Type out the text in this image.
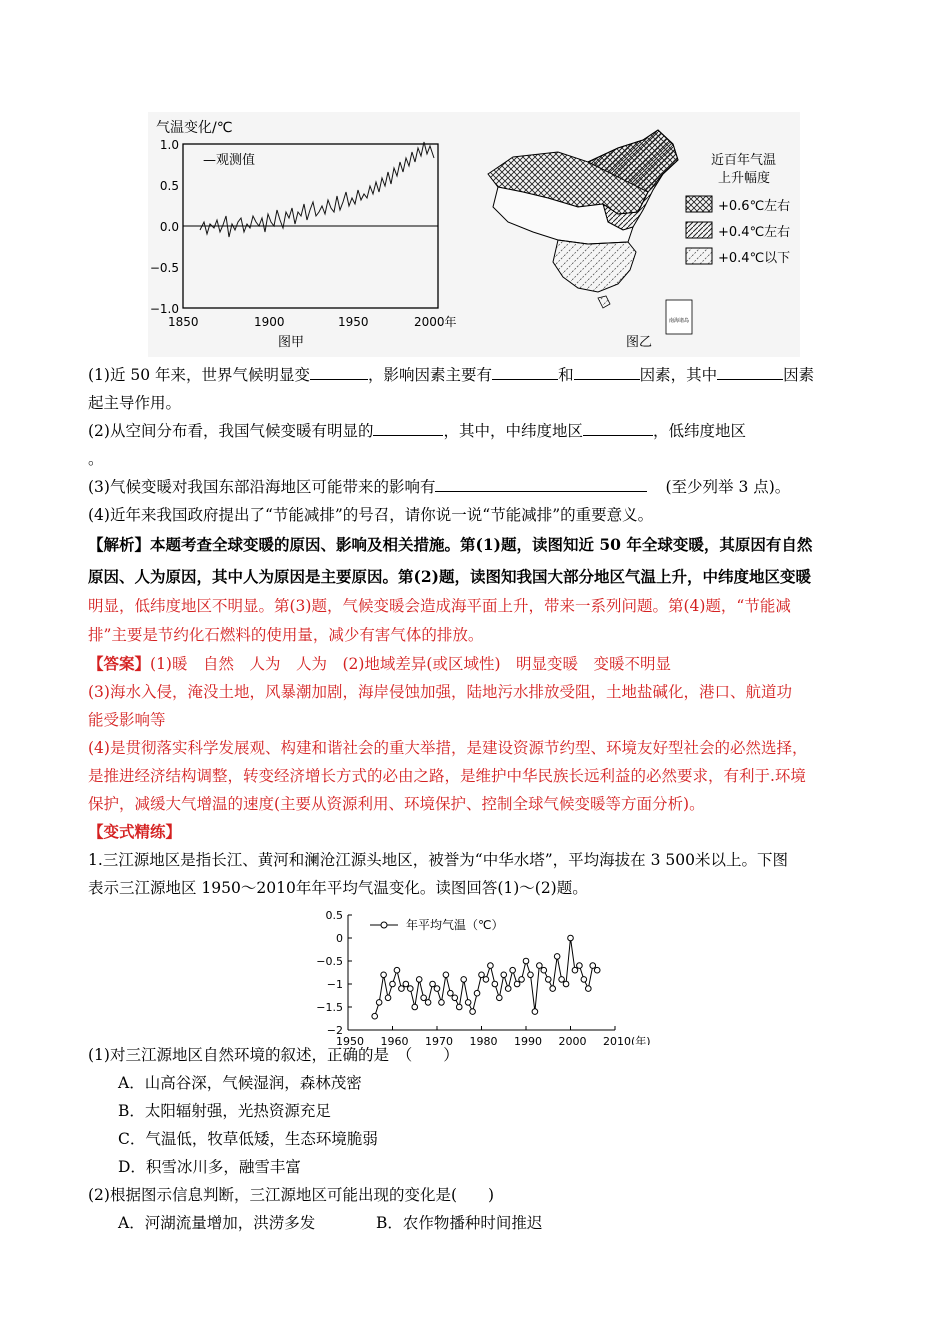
气温变化/℃
—观测值
1.0
0.5
0.0
−0.5
−1.0
1850	1900	1950	2000年
图甲
南海诸岛
近百年气温
上升幅度
+0.6℃左右
+0.4℃左右
+0.4℃以下
图乙
(1)近 50 年来，世界气候明显变	，影响因素主要有	和	因素，其中	因素
起主导作用。
(2)从空间分布看，我国气候变暖有明显的	，其中，中纬度地区	，低纬度地区
。
(3)气候变暖对我国东部沿海地区可能带来的影响有	(至少列举 3 点)。
(4)近年来我国政府提出了“节能减排”的号召，请你说一说“节能减排”的重要意义。
【解析】本题考查全球变暖的原因、影响及相关措施。第(1)题，读图知近 50 年全球变暖，其原因有自然
原因、人为原因，其中人为原因是主要原因。第(2)题，读图知我国大部分地区气温上升，中纬度地区变暖
明显，低纬度地区不明显。第(3)题，气候变暖会造成海平面上升，带来一系列问题。第(4)题，“节能减
排”主要是节约化石燃料的使用量，减少有害气体的排放。
【答案】(1)暖　自然　人为　人为　(2)地域差异(或区域性)　明显变暖　变暖不明显
(3)海水入侵，淹没土地，风暴潮加剧，海岸侵蚀加强，陆地污水排放受阻，土地盐碱化，港口、航道功
能受影响等
(4)是贯彻落实科学发展观、构建和谐社会的重大举措，是建设资源节约型、环境友好型社会的必然选择，
是推进经济结构调整，转变经济增长方式的必由之路，是维护中华民族长远利益的必然要求，有利于.环境
保护，减缓大气增温的速度(主要从资源利用、环境保护、控制全球气候变暖等方面分析)。
【变式精练】
1.三江源地区是指长江、黄河和澜沧江源头地区，被誉为“中华水塔”，平均海拔在 3 500米以上。下图
表示三江源地区 1950～2010年年平均气温变化。读图回答(1)～(2)题。
0.5
0
−0.5
−1
−1.5
−2
1950 1960 1970 1980 1990 2000 2010(年)
年平均气温（℃）
(1)对三江源地区自然环境的叙述，正确的是　（　　）
A．山高谷深，气候湿润，森林茂密
B．太阳辐射强，光热资源充足
C．气温低，牧草低矮，生态环境脆弱
D．积雪冰川多，融雪丰富
(2)根据图示信息判断，三江源地区可能出现的变化是(　　)
A．河湖流量增加，洪涝多发	B．农作物播种时间推迟
